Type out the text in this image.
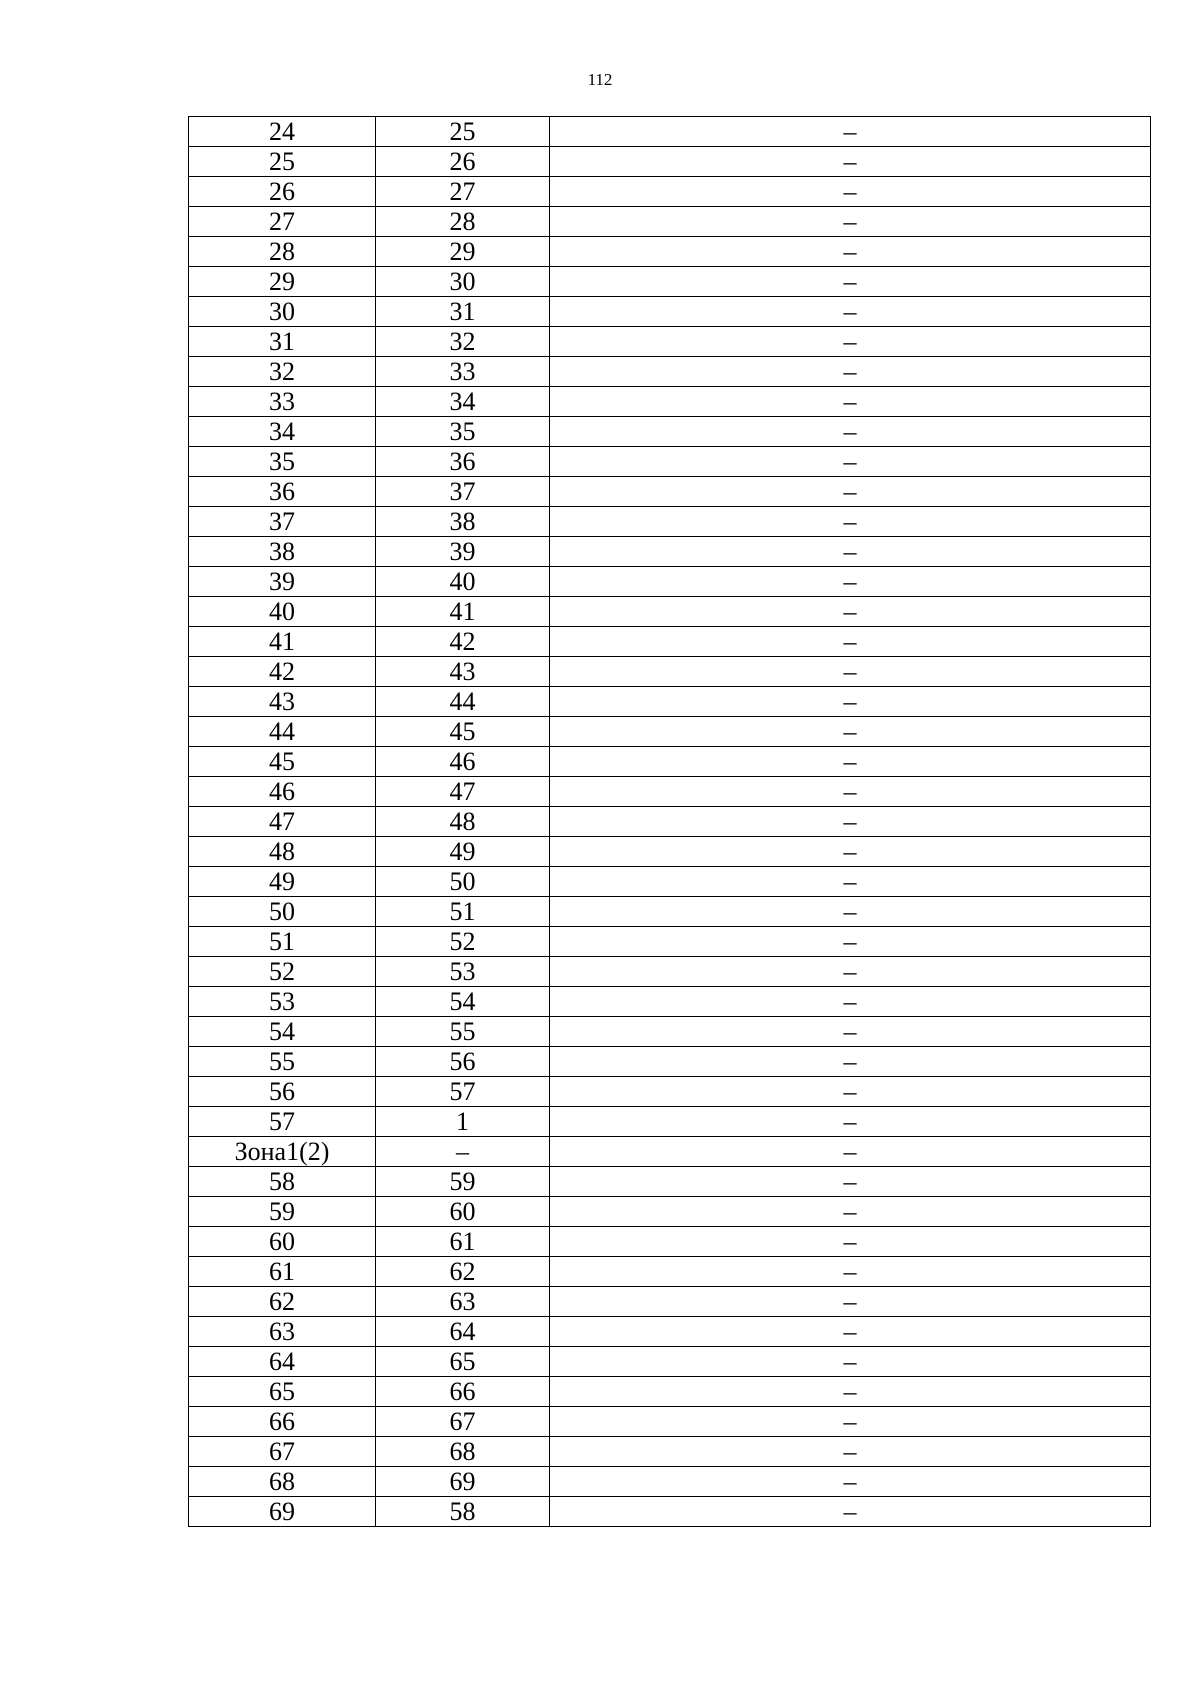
112
24	25	–
25	26	–
26	27	–
27	28	–
28	29	–
29	30	–
30	31	–
31	32	–
32	33	–
33	34	–
34	35	–
35	36	–
36	37	–
37	38	–
38	39	–
39	40	–
40	41	–
41	42	–
42	43	–
43	44	–
44	45	–
45	46	–
46	47	–
47	48	–
48	49	–
49	50	–
50	51	–
51	52	–
52	53	–
53	54	–
54	55	–
55	56	–
56	57	–
57	1	–
Зона1(2)	–	–
58	59	–
59	60	–
60	61	–
61	62	–
62	63	–
63	64	–
64	65	–
65	66	–
66	67	–
67	68	–
68	69	–
69	58	–
